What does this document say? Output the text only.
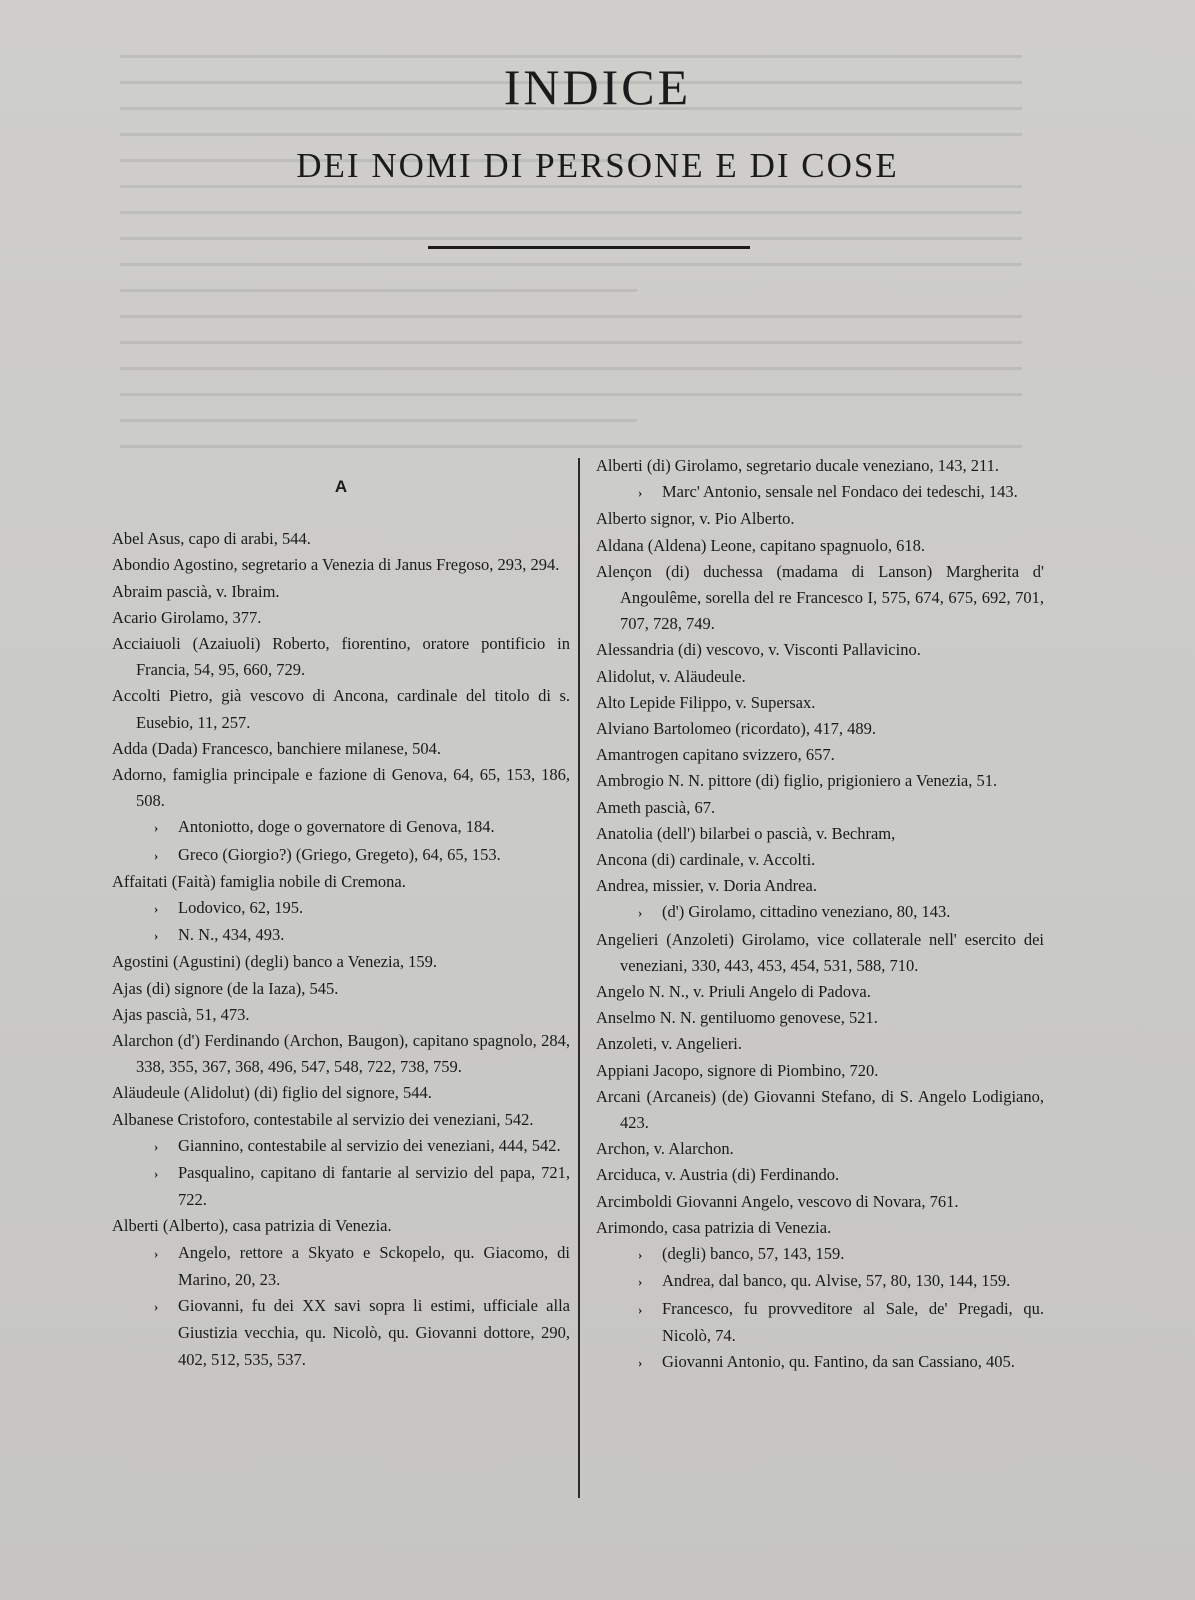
INDICE
DEI NOMI DI PERSONE E DI COSE
A
Abel Asus, capo di arabi, 544.
Abondio Agostino, segretario a Venezia di Janus Fregoso, 293, 294.
Abraim pascià, v. Ibraim.
Acario Girolamo, 377.
Acciaiuoli (Azaiuoli) Roberto, fiorentino, oratore pontificio in Francia, 54, 95, 660, 729.
Accolti Pietro, già vescovo di Ancona, cardinale del titolo di s. Eusebio, 11, 257.
Adda (Dada) Francesco, banchiere milanese, 504.
Adorno, famiglia principale e fazione di Genova, 64, 65, 153, 186, 508.
› Antoniotto, doge o governatore di Genova, 184.
› Greco (Giorgio?) (Griego, Gregeto), 64, 65, 153.
Affaitati (Faità) famiglia nobile di Cremona.
› Lodovico, 62, 195.
› N. N., 434, 493.
Agostini (Agustini) (degli) banco a Venezia, 159.
Ajas (di) signore (de la Iaza), 545.
Ajas pascià, 51, 473.
Alarchon (d') Ferdinando (Archon, Baugon), capitano spagnolo, 284, 338, 355, 367, 368, 496, 547, 548, 722, 738, 759.
Aläudeule (Alidolut) (di) figlio del signore, 544.
Albanese Cristoforo, contestabile al servizio dei veneziani, 542.
› Giannino, contestabile al servizio dei veneziani, 444, 542.
› Pasqualino, capitano di fantarie al servizio del papa, 721, 722.
Alberti (Alberto), casa patrizia di Venezia.
› Angelo, rettore a Skyato e Sckopelo, qu. Giacomo, di Marino, 20, 23.
› Giovanni, fu dei XX savi sopra li estimi, ufficiale alla Giustizia vecchia, qu. Nicolò, qu. Giovanni dottore, 290, 402, 512, 535, 537.
Alberti (di) Girolamo, segretario ducale veneziano, 143, 211.
› Marc' Antonio, sensale nel Fondaco dei tedeschi, 143.
Alberto signor, v. Pio Alberto.
Aldana (Aldena) Leone, capitano spagnuolo, 618.
Alençon (di) duchessa (madama di Lanson) Margherita d' Angoulême, sorella del re Francesco I, 575, 674, 675, 692, 701, 707, 728, 749.
Alessandria (di) vescovo, v. Visconti Pallavicino.
Alidolut, v. Aläudeule.
Alto Lepide Filippo, v. Supersax.
Alviano Bartolomeo (ricordato), 417, 489.
Amantrogen capitano svizzero, 657.
Ambrogio N. N. pittore (di) figlio, prigioniero a Venezia, 51.
Ameth pascià, 67.
Anatolia (dell') bilarbei o pascià, v. Bechram,
Ancona (di) cardinale, v. Accolti.
Andrea, missier, v. Doria Andrea.
› (d') Girolamo, cittadino veneziano, 80, 143.
Angelieri (Anzoleti) Girolamo, vice collaterale nell' esercito dei veneziani, 330, 443, 453, 454, 531, 588, 710.
Angelo N. N., v. Priuli Angelo di Padova.
Anselmo N. N. gentiluomo genovese, 521.
Anzoleti, v. Angelieri.
Appiani Jacopo, signore di Piombino, 720.
Arcani (Arcaneis) (de) Giovanni Stefano, di S. Angelo Lodigiano, 423.
Archon, v. Alarchon.
Arciduca, v. Austria (di) Ferdinando.
Arcimboldi Giovanni Angelo, vescovo di Novara, 761.
Arimondo, casa patrizia di Venezia.
› (degli) banco, 57, 143, 159.
› Andrea, dal banco, qu. Alvise, 57, 80, 130, 144, 159.
› Francesco, fu provveditore al Sale, de' Pregadi, qu. Nicolò, 74.
› Giovanni Antonio, qu. Fantino, da san Cassiano, 405.
